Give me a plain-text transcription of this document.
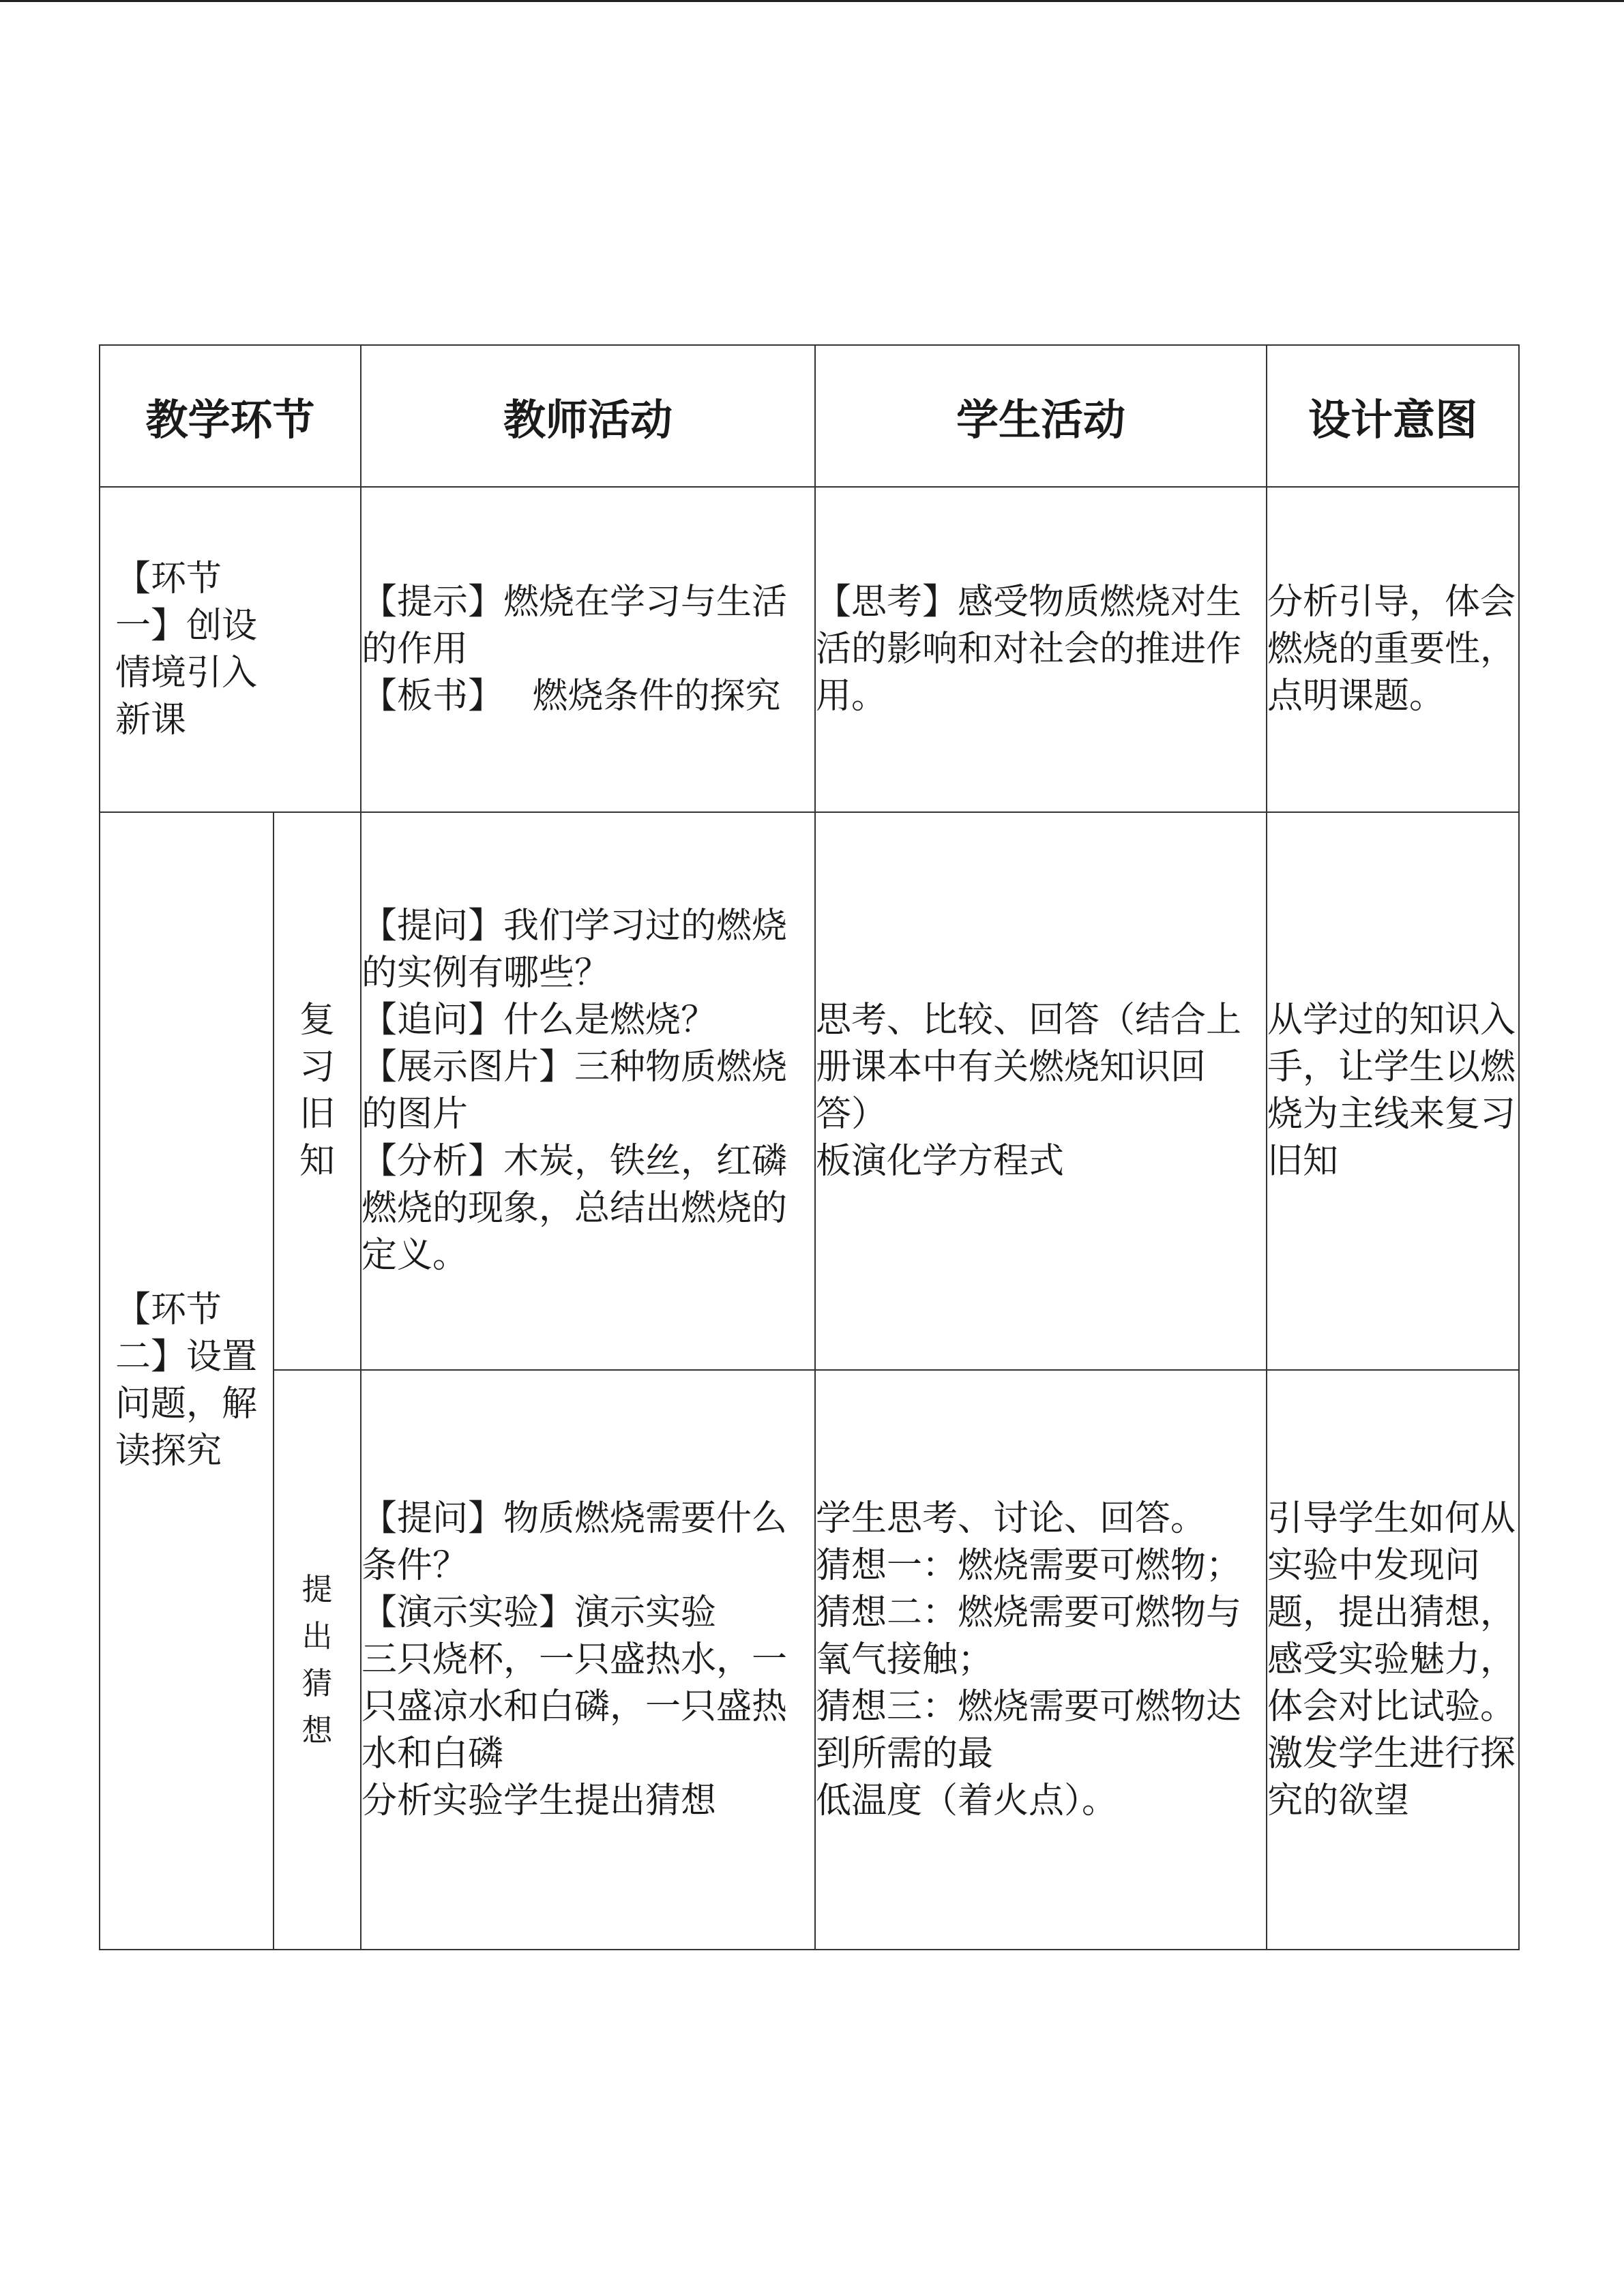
教学环节		教师活动	学生活动	设计意图

【环节一】创设情境引入新课		【提示】燃烧在学习与生活的作用
【板书】　 燃烧条件的探究	【思考】感受物质燃烧对生活的影响和对社会的推进作用。	分析引导，体会燃烧的重要性，点明课题。
【环节二】设置问题，解读探究	复习旧知	【提问】我们学习过的燃烧的实例有哪些？
【追问】什么是燃烧？
【展示图片】三种物质燃烧的图片
【分析】木炭，铁丝，红磷燃烧的现象，总结出燃烧的定义。	思考、比较、回答（结合上册课本中有关燃烧知识回答）
板演化学方程式	从学过的知识入手，让学生以燃烧为主线来复习旧知
	提出猜想	【提问】物质燃烧需要什么条件？
【演示实验】演示实验
三只烧杯，一只盛热水，一只盛凉水和白磷，一只盛热水和白磷
分析实验学生提出猜想	学生思考、讨论、回答。
猜想一：燃烧需要可燃物；
猜想二：燃烧需要可燃物与氧气接触；
猜想三：燃烧需要可燃物达到所需的最
低温度（着火点）。	引导学生如何从实验中发现问题，提出猜想，感受实验魅力，体会对比试验。
激发学生进行探究的欲望
